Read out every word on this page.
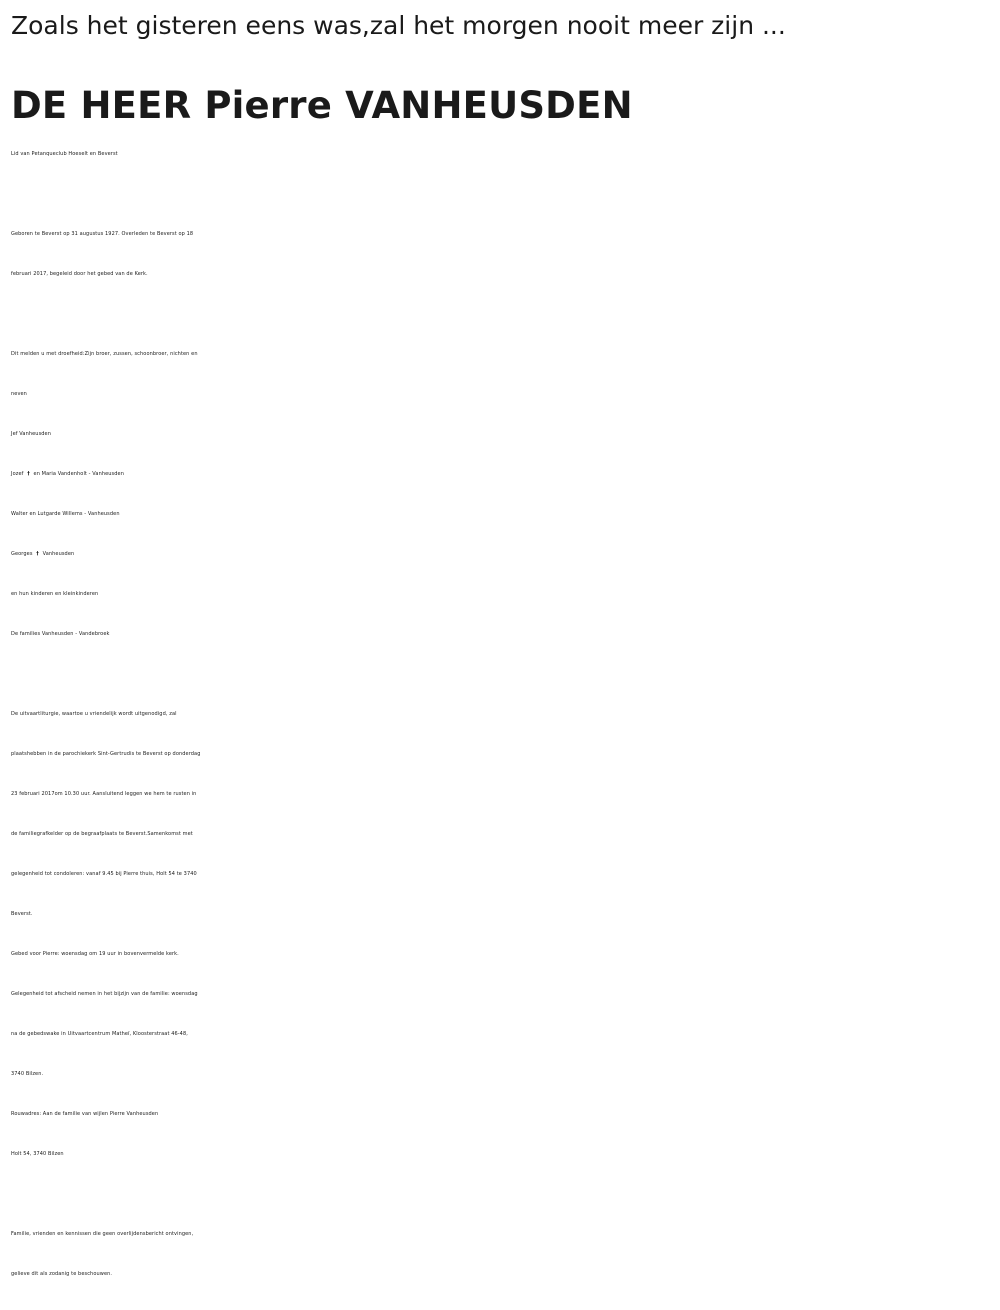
Zoals het gisteren eens was,zal het morgen nooit meer zijn ...
DE HEER Pierre VANHEUSDEN
Lid van Petanqueclub Hoeselt en Beverst
Geboren te Beverst op 31 augustus 1927. Overleden te Beverst op 18
februari 2017, begeleid door het gebed van de Kerk.
Dit melden u met droefheid:Zijn broer, zussen, schoonbroer, nichten en
neven
Jef Vanheusden
Jozef † en Maria Vandenholt - Vanheusden
Walter en Lutgarde Willems - Vanheusden
Georges † Vanheusden
en hun kinderen en kleinkinderen
De families Vanheusden - Vandebroek
De uitvaartliturgie, waartoe u vriendelijk wordt uitgenodigd, zal
plaatshebben in de parochiekerk Sint-Gertrudis te Beverst op donderdag
23 februari 2017om 10.30 uur. Aansluitend leggen we hem te rusten in
de familiegrafkelder op de begraafplaats te Beverst.Samenkomst met
gelegenheid tot condoleren: vanaf 9.45 bij Pierre thuis, Holt 54 te 3740
Beverst.
Gebed voor Pierre: woensdag om 19 uur in bovenvermelde kerk.
Gelegenheid tot afscheid nemen in het bijzijn van de familie: woensdag
na de gebedswake in Uitvaartcentrum Matheï, Kloosterstraat 46-48,
3740 Bilzen.
Rouwadres: Aan de familie van wijlen Pierre Vanheusden
Holt 54, 3740 Bilzen
Familie, vrienden en kennissen die geen overlijdensbericht ontvingen,
gelieve dit als zodanig te beschouwen.
